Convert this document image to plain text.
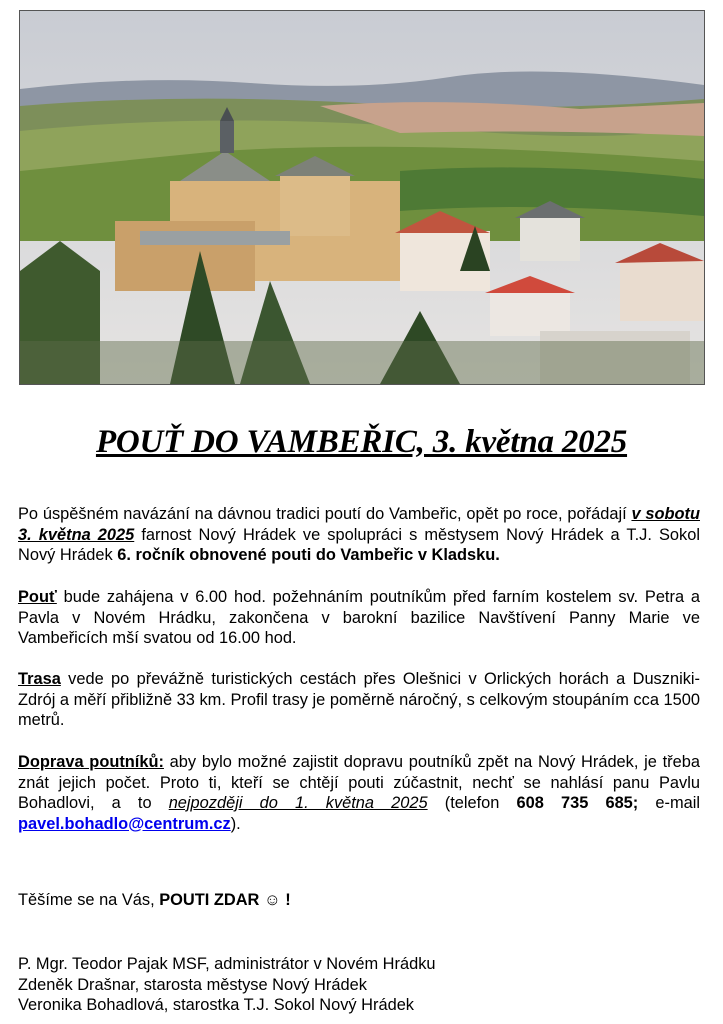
POUŤ DO VAMBEŘIC, 3. května 2025
Po úspěšném navázání na dávnou tradici poutí do Vambeřic, opět po roce, pořádají v sobotu 3. května 2025 farnost Nový Hrádek ve spolupráci s městysem Nový Hrádek a T.J. Sokol Nový Hrádek 6. ročník obnovené pouti do Vambeřic v Kladsku.
Pouť bude zahájena v 6.00 hod. požehnáním poutníkům před farním kostelem sv. Petra a Pavla v Novém Hrádku, zakončena v barokní bazilice Navštívení Panny Marie ve Vambeřicích mší svatou od 16.00 hod.
Trasa vede po převážně turistických cestách přes Olešnici v Orlických horách a Duszniki-Zdrój a měří přibližně 33 km. Profil trasy je poměrně náročný, s celkovým stoupáním cca 1500 metrů.
Doprava poutníků: aby bylo možné zajistit dopravu poutníků zpět na Nový Hrádek, je třeba znát jejich počet. Proto ti, kteří se chtějí pouti zúčastnit, nechť se nahlásí panu Pavlu Bohadlovi, a to nejpozději do 1. května 2025 (telefon 608 735 685; e-mail pavel.bohadlo@centrum.cz).
Těšíme se na Vás, POUTI ZDAR ☺ !
P. Mgr. Teodor Pajak MSF, administrátor v Novém Hrádku
Zdeněk Drašnar, starosta městyse Nový Hrádek
Veronika Bohadlová, starostka T.J. Sokol Nový Hrádek
